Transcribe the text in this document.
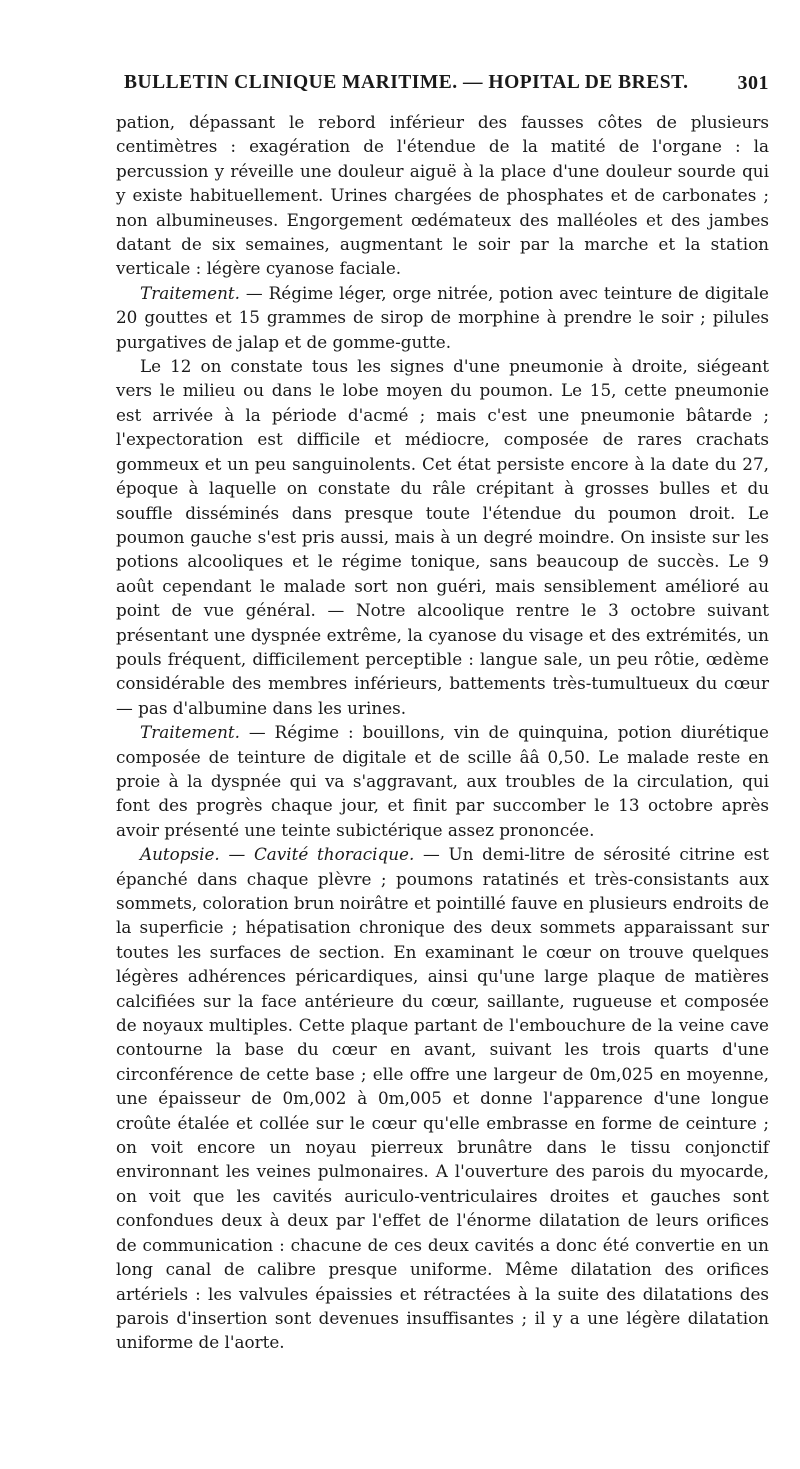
BULLETIN CLINIQUE MARITIME. — HOPITAL DE BREST. 301

pation, dépassant le rebord inférieur des fausses côtes de plusieurs centimètres : exagération de l'étendue de la matité de l'organe : la percussion y réveille une douleur aiguë à la place d'une douleur sourde qui y existe habituellement. Urines chargées de phosphates et de carbonates ; non albumineuses. Engorgement œdémateux des malléoles et des jambes datant de six semaines, augmentant le soir par la marche et la station verticale : légère cyanose faciale.

Traitement. — Régime léger, orge nitrée, potion avec teinture de digitale 20 gouttes et 15 grammes de sirop de morphine à prendre le soir ; pilules purgatives de jalap et de gomme-gutte.

Le 12 on constate tous les signes d'une pneumonie à droite, siégeant vers le milieu ou dans le lobe moyen du poumon. Le 15, cette pneumonie est arrivée à la période d'acmé ; mais c'est une pneumonie bâtarde ; l'expectoration est difficile et médiocre, composée de rares crachats gommeux et un peu sanguinolents. Cet état persiste encore à la date du 27, époque à laquelle on constate du râle crépitant à grosses bulles et du souffle disséminés dans presque toute l'étendue du poumon droit. Le poumon gauche s'est pris aussi, mais à un degré moindre. On insiste sur les potions alcooliques et le régime tonique, sans beaucoup de succès. Le 9 août cependant le malade sort non guéri, mais sensiblement amélioré au point de vue général. — Notre alcoolique rentre le 3 octobre suivant présentant une dyspnée extrême, la cyanose du visage et des extrémités, un pouls fréquent, difficilement perceptible : langue sale, un peu rôtie, œdème considérable des membres inférieurs, battements très-tumultueux du cœur — pas d'albumine dans les urines.

Traitement. — Régime : bouillons, vin de quinquina, potion diurétique composée de teinture de digitale et de scille ââ 0,50. Le malade reste en proie à la dyspnée qui va s'aggravant, aux troubles de la circulation, qui font des progrès chaque jour, et finit par succomber le 13 octobre après avoir présenté une teinte subictérique assez prononcée.

Autopsie. — Cavité thoracique. — Un demi-litre de sérosité citrine est épanché dans chaque plèvre ; poumons ratatinés et très-consistants aux sommets, coloration brun noirâtre et pointillé fauve en plusieurs endroits de la superficie ; hépatisation chronique des deux sommets apparaissant sur toutes les surfaces de section. En examinant le cœur on trouve quelques légères adhérences péricardiques, ainsi qu'une large plaque de matières calcifiées sur la face antérieure du cœur, saillante, rugueuse et composée de noyaux multiples. Cette plaque partant de l'embouchure de la veine cave contourne la base du cœur en avant, suivant les trois quarts d'une circonférence de cette base ; elle offre une largeur de 0m,025 en moyenne, une épaisseur de 0m,002 à 0m,005 et donne l'apparence d'une longue croûte étalée et collée sur le cœur qu'elle embrasse en forme de ceinture ; on voit encore un noyau pierreux brunâtre dans le tissu conjonctif environnant les veines pulmonaires. A l'ouverture des parois du myocarde, on voit que les cavités auriculo-ventriculaires droites et gauches sont confondues deux à deux par l'effet de l'énorme dilatation de leurs orifices de communication : chacune de ces deux cavités a donc été convertie en un long canal de calibre presque uniforme. Même dilatation des orifices artériels : les valvules épaissies et rétractées à la suite des dilatations des parois d'insertion sont devenues insuffisantes ; il y a une légère dilatation uniforme de l'aorte.
